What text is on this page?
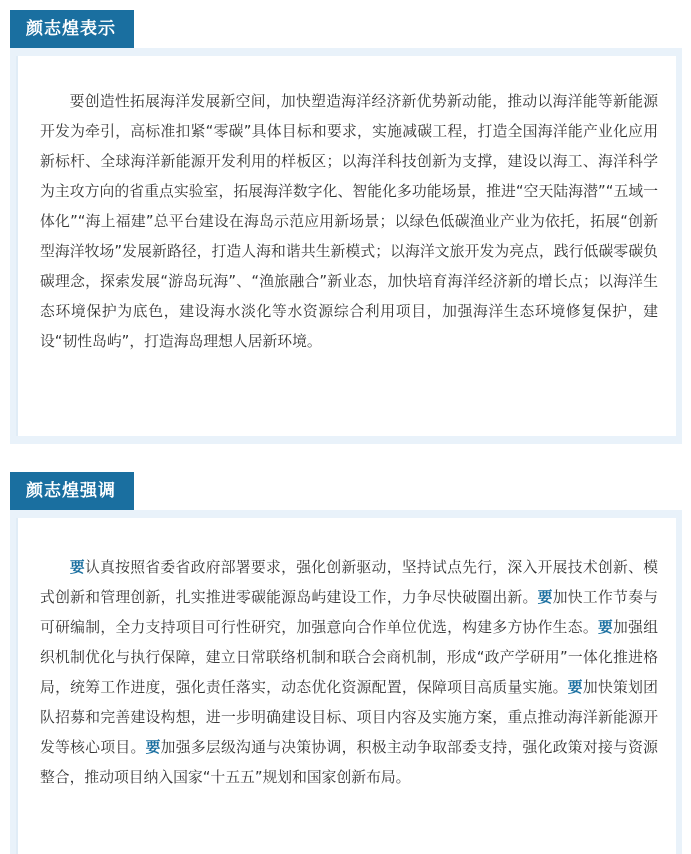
颜志煌表示

要创造性拓展海洋发展新空间，加快塑造海洋经济新优势新动能，推动以海洋能等新能源开发为牵引，高标准扣紧“零碳”具体目标和要求，实施减碳工程，打造全国海洋能产业化应用新标杆、全球海洋新能源开发利用的样板区；以海洋科技创新为支撑，建设以海工、海洋科学为主攻方向的省重点实验室，拓展海洋数字化、智能化多功能场景，推进“空天陆海潜”“五域一体化”“海上福建”总平台建设在海岛示范应用新场景；以绿色低碳渔业产业为依托，拓展“创新型海洋牧场”发展新路径，打造人海和谐共生新模式；以海洋文旅开发为亮点，践行低碳零碳负碳理念，探索发展“游岛玩海”、“渔旅融合”新业态，加快培育海洋经济新的增长点；以海洋生态环境保护为底色，建设海水淡化等水资源综合利用项目，加强海洋生态环境修复保护，建设“韧性岛屿”，打造海岛理想人居新环境。

颜志煌强调

要认真按照省委省政府部署要求，强化创新驱动，坚持试点先行，深入开展技术创新、模式创新和管理创新，扎实推进零碳能源岛屿建设工作，力争尽快破圈出新。要加快工作节奏与可研编制，全力支持项目可行性研究，加强意向合作单位优选，构建多方协作生态。要加强组织机制优化与执行保障，建立日常联络机制和联合会商机制，形成“政产学研用”一体化推进格局，统筹工作进度，强化责任落实，动态优化资源配置，保障项目高质量实施。要加快策划团队招募和完善建设构想，进一步明确建设目标、项目内容及实施方案，重点推动海洋新能源开发等核心项目。要加强多层级沟通与决策协调，积极主动争取部委支持，强化政策对接与资源整合，推动项目纳入国家“十五五”规划和国家创新布局。
